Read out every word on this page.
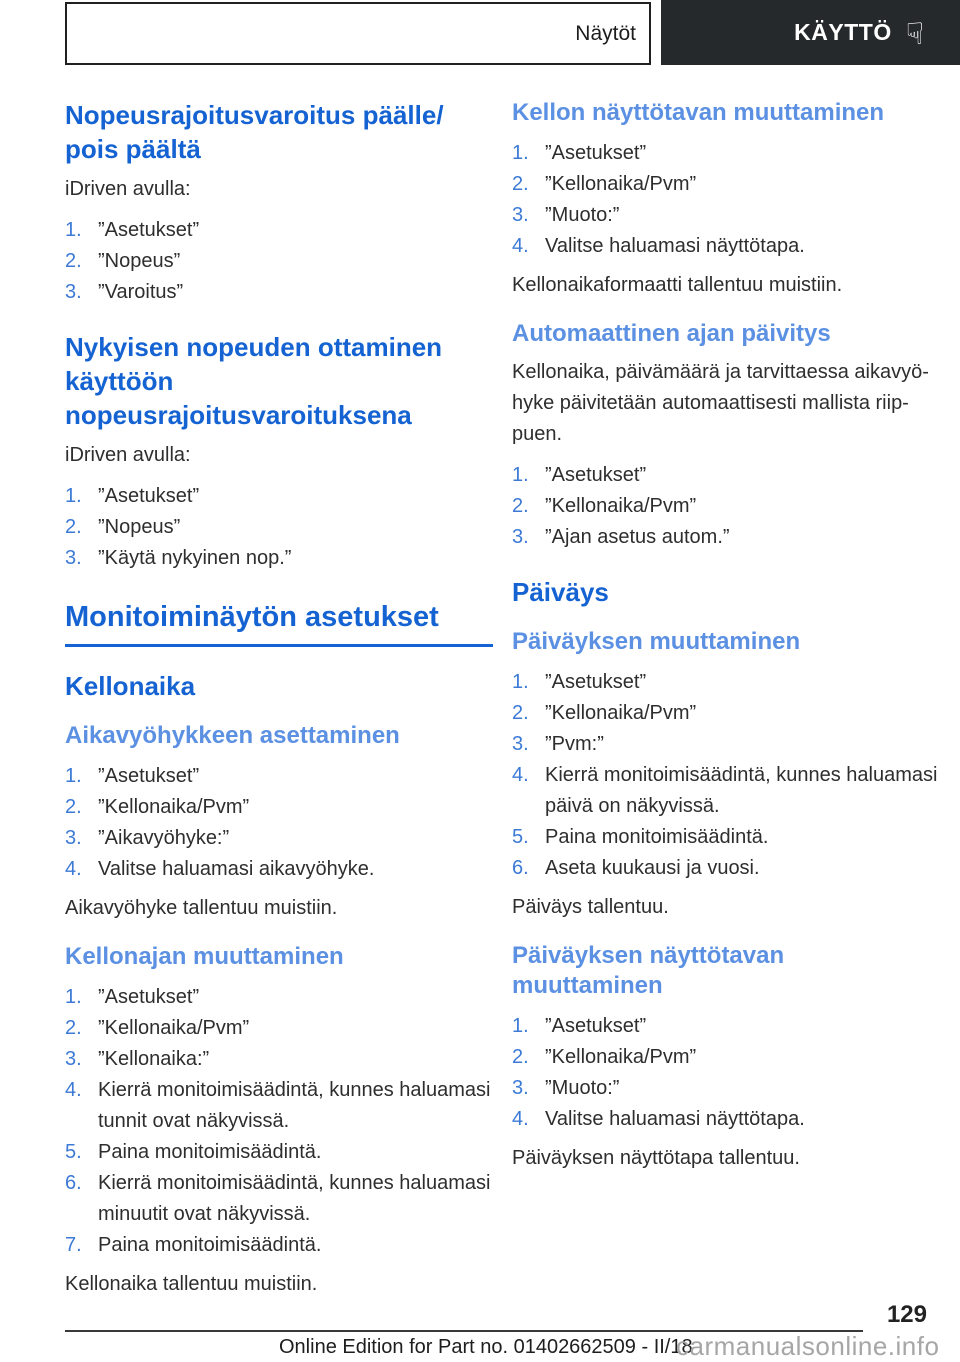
Näytöt	KÄYTTÖ ☟
Nopeusrajoitusvaroitus päälle/
pois päältä
iDriven avulla:
1. ”Asetukset”
2. ”Nopeus”
3. ”Varoitus”
Nykyisen nopeuden ottaminen
käyttöön
nopeusrajoitusvaroituksena
iDriven avulla:
1. ”Asetukset”
2. ”Nopeus”
3. ”Käytä nykyinen nop.”
Monitoiminäytön asetukset
Kellonaika
Aikavyöhykkeen asettaminen
1. ”Asetukset”
2. ”Kellonaika/Pvm”
3. ”Aikavyöhyke:”
4. Valitse haluamasi aikavyöhyke.
Aikavyöhyke tallentuu muistiin.
Kellonajan muuttaminen
1. ”Asetukset”
2. ”Kellonaika/Pvm”
3. ”Kellonaika:”
4. Kierrä monitoimisäädintä, kunnes haluamasi tunnit ovat näkyvissä.
5. Paina monitoimisäädintä.
6. Kierrä monitoimisäädintä, kunnes haluamasi minuutit ovat näkyvissä.
7. Paina monitoimisäädintä.
Kellonaika tallentuu muistiin.
Kellon näyttötavan muuttaminen
1. ”Asetukset”
2. ”Kellonaika/Pvm”
3. ”Muoto:”
4. Valitse haluamasi näyttötapa.
Kellonaikaformaatti tallentuu muistiin.
Automaattinen ajan päivitys
Kellonaika, päivämäärä ja tarvittaessa aikavyö-
hyke päivitetään automaattisesti mallista riip-
puen.
1. ”Asetukset”
2. ”Kellonaika/Pvm”
3. ”Ajan asetus autom.”
Päiväys
Päiväyksen muuttaminen
1. ”Asetukset”
2. ”Kellonaika/Pvm”
3. ”Pvm:”
4. Kierrä monitoimisäädintä, kunnes haluamasi päivä on näkyvissä.
5. Paina monitoimisäädintä.
6. Aseta kuukausi ja vuosi.
Päiväys tallentuu.
Päiväyksen näyttötavan
muuttaminen
1. ”Asetukset”
2. ”Kellonaika/Pvm”
3. ”Muoto:”
4. Valitse haluamasi näyttötapa.
Päiväyksen näyttötapa tallentuu.
129
Online Edition for Part no. 01402662509 - II/18
carmanualsonline.info
